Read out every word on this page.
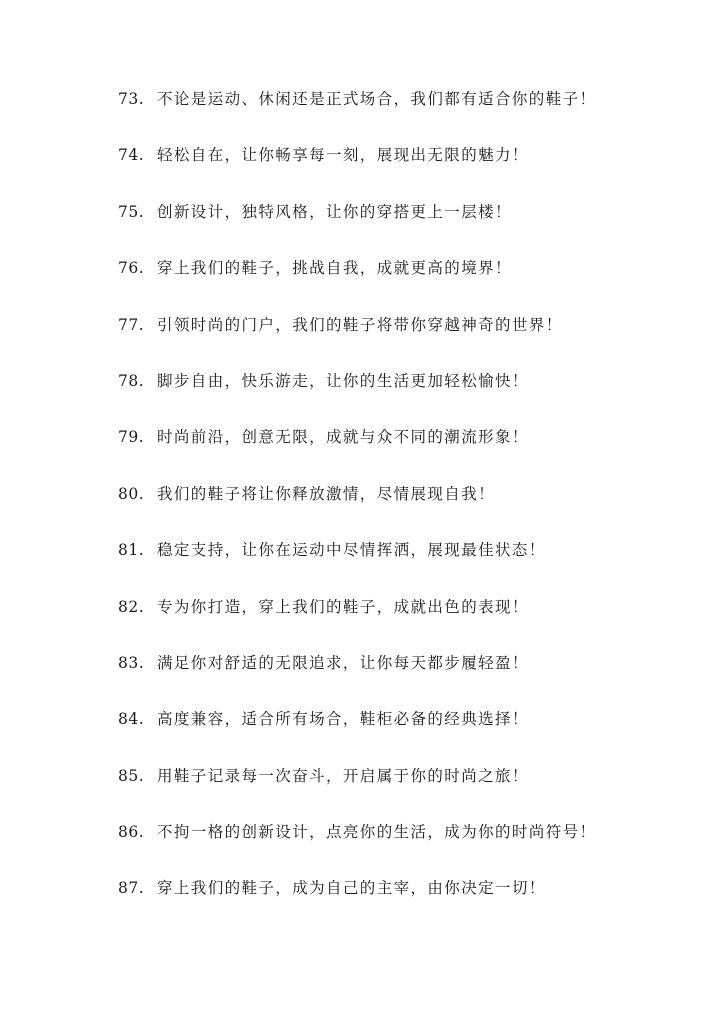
73. 不论是运动、休闲还是正式场合，我们都有适合你的鞋子！
74. 轻松自在，让你畅享每一刻，展现出无限的魅力！
75. 创新设计，独特风格，让你的穿搭更上一层楼！
76. 穿上我们的鞋子，挑战自我，成就更高的境界！
77. 引领时尚的门户，我们的鞋子将带你穿越神奇的世界！
78. 脚步自由，快乐游走，让你的生活更加轻松愉快！
79. 时尚前沿，创意无限，成就与众不同的潮流形象！
80. 我们的鞋子将让你释放激情，尽情展现自我！
81. 稳定支持，让你在运动中尽情挥洒，展现最佳状态！
82. 专为你打造，穿上我们的鞋子，成就出色的表现！
83. 满足你对舒适的无限追求，让你每天都步履轻盈！
84. 高度兼容，适合所有场合，鞋柜必备的经典选择！
85. 用鞋子记录每一次奋斗，开启属于你的时尚之旅！
86. 不拘一格的创新设计，点亮你的生活，成为你的时尚符号！
87. 穿上我们的鞋子，成为自己的主宰，由你决定一切！
